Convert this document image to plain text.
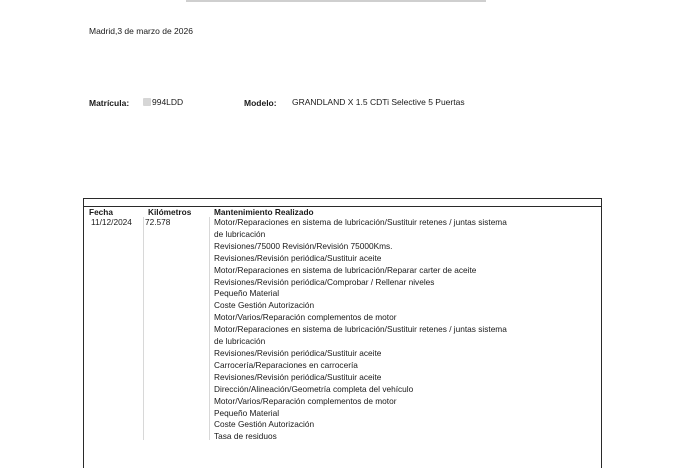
Madrid,3 de marzo de 2026
Matrícula:	994LDD	Modelo: GRANDLAND X 1.5 CDTi Selective 5 Puertas
Fecha	Kilómetros	Mantenimiento Realizado
11/12/2024 72.578	Motor/Reparaciones en sistema de lubricación/Sustituir retenes / juntas sistema
de lubricación
Revisiones/75000 Revisión/Revisión 75000Kms.
Revisiones/Revisión periódica/Sustituir aceite
Motor/Reparaciones en sistema de lubricación/Reparar carter de aceite
Revisiones/Revisión periódica/Comprobar / Rellenar niveles
Pequeño Material
Coste Gestión Autorización
Motor/Varios/Reparación complementos de motor
Motor/Reparaciones en sistema de lubricación/Sustituir retenes / juntas sistema
de lubricación
Revisiones/Revisión periódica/Sustituir aceite
Carrocería/Reparaciones en carrocería
Revisiones/Revisión periódica/Sustituir aceite
Dirección/Alineación/Geometría completa del vehículo
Motor/Varios/Reparación complementos de motor
Pequeño Material
Coste Gestión Autorización
Tasa de residuos
